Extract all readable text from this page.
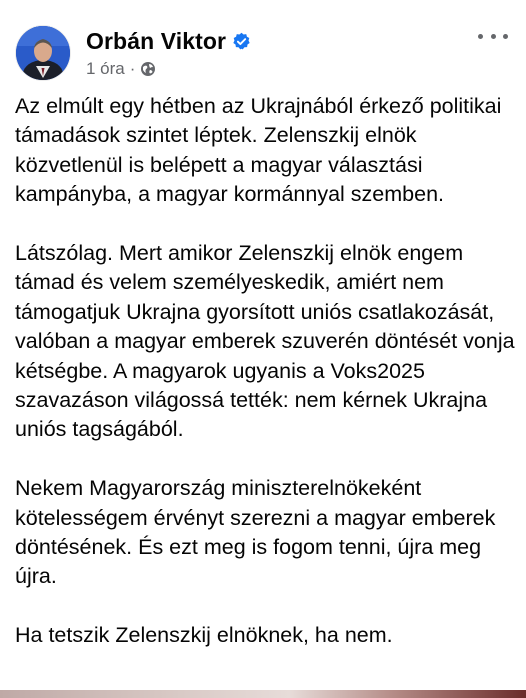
Orbán Viktor
1 óra ·

Az elmúlt egy hétben az Ukrajnából érkező politikai támadások szintet léptek. Zelenszkij elnök közvetlenül is belépett a magyar választási kampányba, a magyar kormánnyal szemben.

Látszólag. Mert amikor Zelenszkij elnök engem támad és velem személyeskedik, amiért nem támogatjuk Ukrajna gyorsított uniós csatlakozását, valóban a magyar emberek szuverén döntését vonja kétségbe. A magyarok ugyanis a Voks2025 szavazáson világossá tették: nem kérnek Ukrajna uniós tagságából.

Nekem Magyarország miniszterelnökeként kötelességem érvényt szerezni a magyar emberek döntésének. És ezt meg is fogom tenni, újra meg újra.

Ha tetszik Zelenszkij elnöknek, ha nem.
